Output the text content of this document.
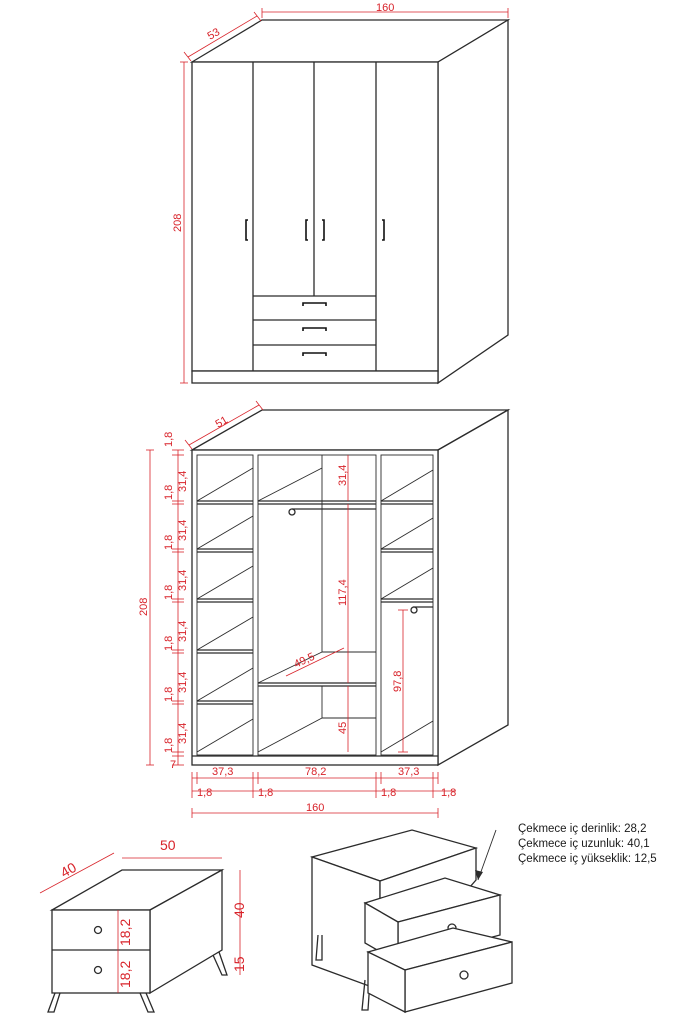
53
160
208
1,8
31,4
1,8
31,4
1,8
31,4
1,8
31,4
1,8
31,4
1,8
31,4
1,8
7
208
51
31,4
117,4
49,5
45
97,8
37,3	78,2	37,3
1,8	1,8	1,8	1,8
160
40
50
40
15
18,2
18,2
Çekmece iç derinlik: 28,2
Çekmece iç uzunluk: 40,1
Çekmece iç yükseklik: 12,5
